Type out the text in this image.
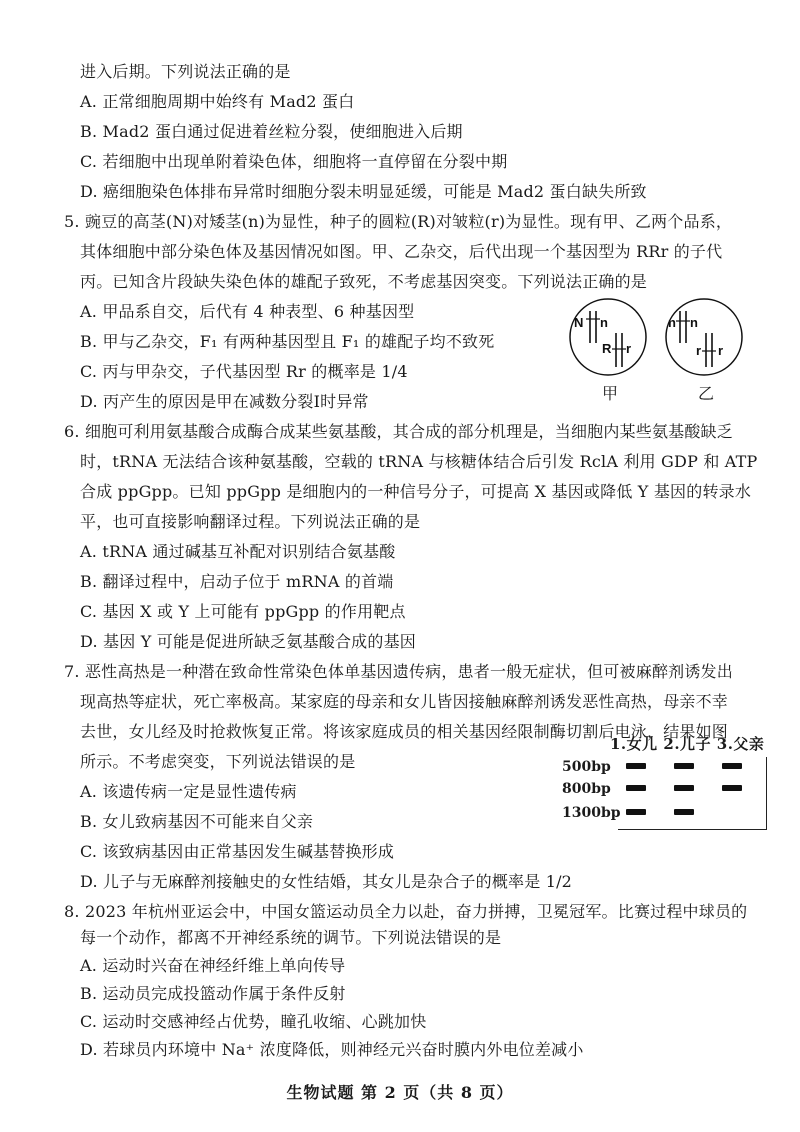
进入后期。下列说法正确的是
A. 正常细胞周期中始终有 Mad2 蛋白
B. Mad2 蛋白通过促进着丝粒分裂，使细胞进入后期
C. 若细胞中出现单附着染色体，细胞将一直停留在分裂中期
D. 癌细胞染色体排布异常时细胞分裂未明显延缓，可能是 Mad2 蛋白缺失所致
5. 豌豆的高茎(N)对矮茎(n)为显性，种子的圆粒(R)对皱粒(r)为显性。现有甲、乙两个品系，
其体细胞中部分染色体及基因情况如图。甲、乙杂交，后代出现一个基因型为 RRr 的子代
丙。已知含片段缺失染色体的雄配子致死，不考虑基因突变。下列说法正确的是
A. 甲品系自交，后代有 4 种表型、6 种基因型
B. 甲与乙杂交，F₁ 有两种基因型且 F₁ 的雄配子均不致死
C. 丙与甲杂交，子代基因型 Rr 的概率是 1/4
D. 丙产生的原因是甲在减数分裂Ⅰ时异常
N n
R r
n n
r r
甲	乙
6. 细胞可利用氨基酸合成酶合成某些氨基酸，其合成的部分机理是，当细胞内某些氨基酸缺乏
时，tRNA 无法结合该种氨基酸，空载的 tRNA 与核糖体结合后引发 RclA 利用 GDP 和 ATP
合成 ppGpp。已知 ppGpp 是细胞内的一种信号分子，可提高 X 基因或降低 Y 基因的转录水
平，也可直接影响翻译过程。下列说法正确的是
A. tRNA 通过碱基互补配对识别结合氨基酸
B. 翻译过程中，启动子位于 mRNA 的首端
C. 基因 X 或 Y 上可能有 ppGpp 的作用靶点
D. 基因 Y 可能是促进所缺乏氨基酸合成的基因
7. 恶性高热是一种潜在致命性常染色体单基因遗传病，患者一般无症状，但可被麻醉剂诱发出
现高热等症状，死亡率极高。某家庭的母亲和女儿皆因接触麻醉剂诱发恶性高热，母亲不幸
去世，女儿经及时抢救恢复正常。将该家庭成员的相关基因经限制酶切割后电泳，结果如图
所示。不考虑突变，下列说法错误的是
A. 该遗传病一定是显性遗传病
B. 女儿致病基因不可能来自父亲
C. 该致病基因由正常基因发生碱基替换形成
D. 儿子与无麻醉剂接触史的女性结婚，其女儿是杂合子的概率是 1/2
1.女儿 2.儿子 3.父亲
500bp
800bp
1300bp
8. 2023 年杭州亚运会中，中国女篮运动员全力以赴，奋力拼搏，卫冕冠军。比赛过程中球员的
每一个动作，都离不开神经系统的调节。下列说法错误的是
A. 运动时兴奋在神经纤维上单向传导
B. 运动员完成投篮动作属于条件反射
C. 运动时交感神经占优势，瞳孔收缩、心跳加快
D. 若球员内环境中 Na⁺ 浓度降低，则神经元兴奋时膜内外电位差减小
生物试题 第 2 页（共 8 页）
